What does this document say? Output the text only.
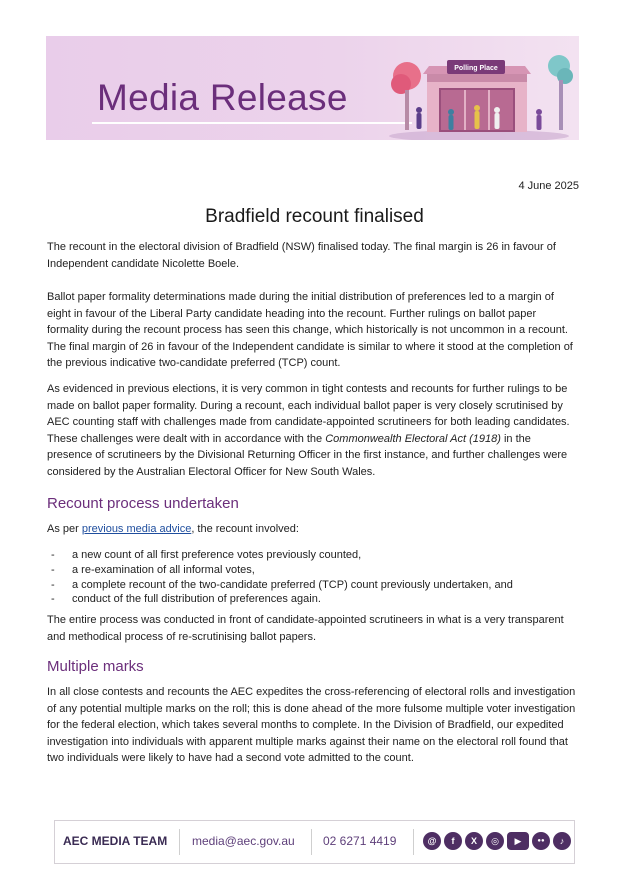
Media Release
Polling Place
4 June 2025
Bradfield recount finalised

The recount in the electoral division of Bradfield (NSW) finalised today. The final margin is 26 in favour of Independent candidate Nicolette Boele.

Ballot paper formality determinations made during the initial distribution of preferences led to a margin of eight in favour of the Liberal Party candidate heading into the recount. Further rulings on ballot paper formality during the recount process has seen this change, which historically is not uncommon in a recount. The final margin of 26 in favour of the Independent candidate is similar to where it stood at the completion of the previous indicative two-candidate preferred (TCP) count.

As evidenced in previous elections, it is very common in tight contests and recounts for further rulings to be made on ballot paper formality. During a recount, each individual ballot paper is very closely scrutinised by AEC counting staff with challenges made from candidate-appointed scrutineers for both leading candidates. These challenges were dealt with in accordance with the Commonwealth Electoral Act (1918) in the presence of scrutineers by the Divisional Returning Officer in the first instance, and further challenges were considered by the Australian Electoral Officer for New South Wales.

Recount process undertaken

As per previous media advice, the recount involved:

- a new count of all first preference votes previously counted,
- a re-examination of all informal votes,
- a complete recount of the two-candidate preferred (TCP) count previously undertaken, and
- conduct of the full distribution of preferences again.

The entire process was conducted in front of candidate-appointed scrutineers in what is a very transparent and methodical process of re-scrutinising ballot papers.

Multiple marks

In all close contests and recounts the AEC expedites the cross-referencing of electoral rolls and investigation of any potential multiple marks on the roll; this is done ahead of the more fulsome multiple voter investigation for the federal election, which takes several months to complete. In the Division of Bradfield, our expedited investigation into individuals with apparent multiple marks against their name on the electoral roll found that two individuals were likely to have had a second vote admitted to the count.

AEC MEDIA TEAM media@aec.gov.au 02 6271 4419	@	f	X	◎	▶	●●	♪
